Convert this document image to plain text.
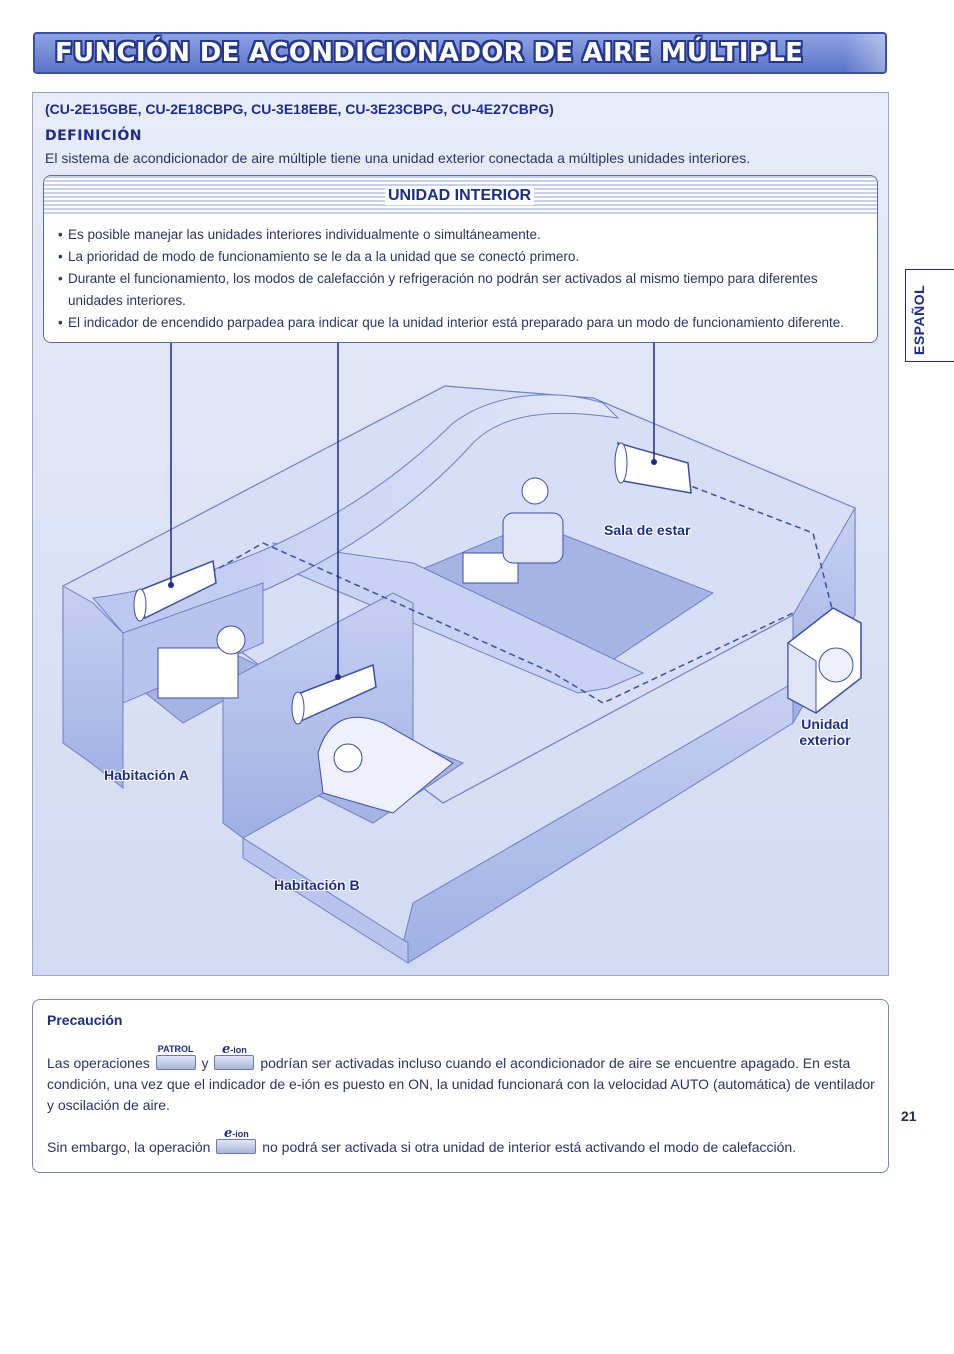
FUNCIÓN DE ACONDICIONADOR DE AIRE MÚLTIPLE
(CU-2E15GBE, CU-2E18CBPG, CU-3E18EBE, CU-3E23CBPG, CU-4E27CBPG)
DEFINICIÓN
El sistema de acondicionador de aire múltiple tiene una unidad exterior conectada a múltiples unidades interiores.
UNIDAD INTERIOR
• Es posible manejar las unidades interiores individualmente o simultáneamente.
• La prioridad de modo de funcionamiento se le da a la unidad que se conectó primero.
• Durante el funcionamiento, los modos de calefacción y refrigeración no podrán ser activados al mismo tiempo para diferentes unidades interiores.
• El indicador de encendido parpadea para indicar que la unidad interior está preparado para un modo de funcionamiento diferente.
Sala de estar
Unidad
exterior
Habitación A
Habitación B
ESPAÑOL
Precaución

Las operaciones
PATROL
y
e-ion
podrían ser activadas incluso cuando el acondicionador de aire se encuentre apagado. En esta condición, una vez que el indicador de e-ión es puesto en ON, la unidad funcionará con la velocidad AUTO (automática) de ventilador y oscilación de aire.

Sin embargo, la operación
e-ion
no podrá ser activada si otra unidad de interior está activando el modo de calefacción.

21
